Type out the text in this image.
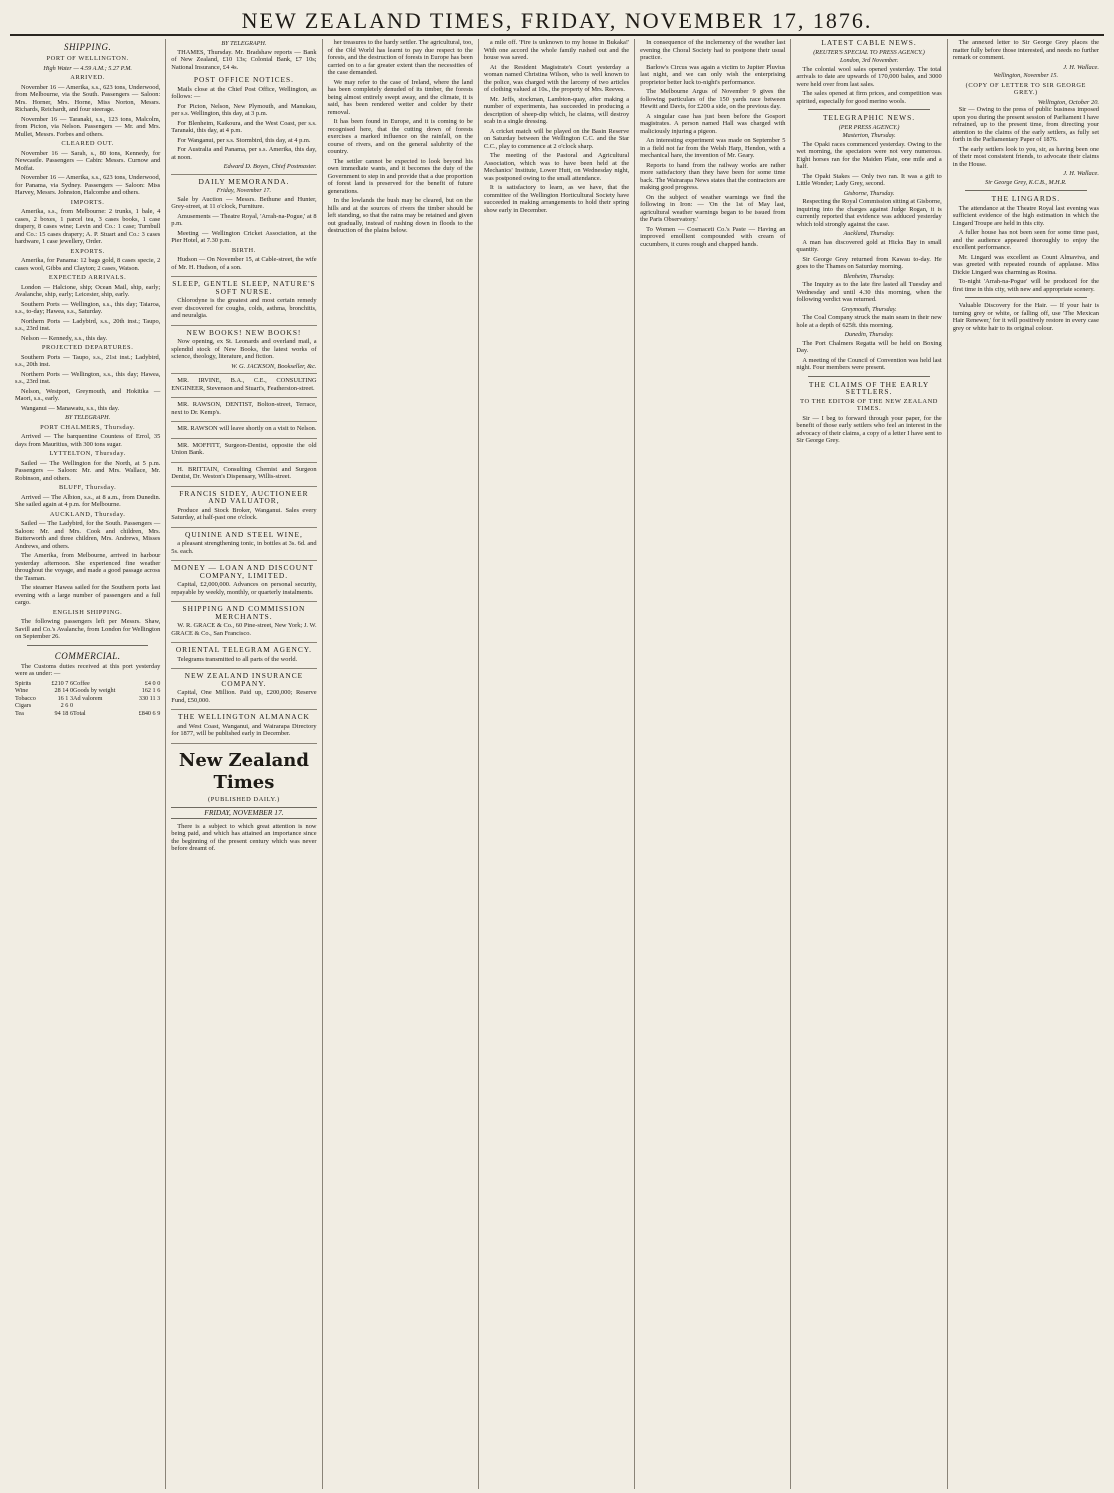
NEW ZEALAND TIMES, FRIDAY, NOVEMBER 17, 1876.
SHIPPING.
PORT OF WELLINGTON.
High Water — 4.59 A.M.; 5.27 P.M.
ARRIVED.

November 16 — Amerika, s.s., 623 tons, Underwood, from Melbourne, via the South. Passengers — Saloon: Mrs. Horner, Mrs. Horne, Miss Norton, Messrs. Richards, Reichardt, and four steerage.

November 16 — Taranaki, s.s., 123 tons, Malcolm, from Picton, via Nelson. Passengers — Mr. and Mrs. Mullet, Messrs. Forbes and others.

CLEARED OUT.

November 16 — Sarah, s., 80 tons, Kennedy, for Newcastle. Passengers — Cabin: Messrs. Curnow and Moffat.

November 16 — Amerika, s.s., 623 tons, Underwood, for Panama, via Sydney. Passengers — Saloon: Miss Harvey, Messrs. Johnston, Halcombe and others.

IMPORTS.

Amerika, s.s., from Melbourne: 2 trunks, 1 bale, 4 cases, 2 boxes, 1 parcel tea, 3 cases books, 1 case drapery, 8 cases wine; Levin and Co.: 1 case; Turnbull and Co.: 15 cases drapery; A. P. Stuart and Co.: 3 cases hardware, 1 case jewellery, Order.

EXPORTS.

Amerika, for Panama: 12 bags gold, 8 cases specie, 2 cases wool, Gibbs and Clayton; 2 cases, Watson.

EXPECTED ARRIVALS.

London — Halcione, ship; Ocean Mail, ship, early; Avalanche, ship, early; Leicester, ship, early.

Southern Ports — Wellington, s.s., this day; Taiaroa, s.s., to-day; Hawea, s.s., Saturday.

Northern Ports — Ladybird, s.s., 20th inst.; Taupo, s.s., 23rd inst.

Nelson — Kennedy, s.s., this day.

PROJECTED DEPARTURES.

Southern Ports — Taupo, s.s., 21st inst.; Ladybird, s.s., 20th inst.

Northern Ports — Wellington, s.s., this day; Hawea, s.s., 23rd inst.

Nelson, Westport, Greymouth, and Hokitika — Maori, s.s., early.

Wanganui — Manawatu, s.s., this day.

BY TELEGRAPH.
PORT CHALMERS, Thursday.

Arrived — The barquentine Countess of Errol, 35 days from Mauritius, with 300 tons sugar.

LYTTELTON, Thursday.

Sailed — The Wellington for the North, at 5 p.m. Passengers — Saloon: Mr. and Mrs. Wallace, Mr. Robinson, and others.

BLUFF, Thursday.

Arrived — The Albion, s.s., at 8 a.m., from Dunedin. She sailed again at 4 p.m. for Melbourne.

AUCKLAND, Thursday.

Sailed — The Ladybird, for the South. Passengers — Saloon: Mr. and Mrs. Cook and children, Mrs. Butterworth and three children, Mrs. Andrews, Misses Andrews, and others.

The Amerika, from Melbourne, arrived in harbour yesterday afternoon. She experienced fine weather throughout the voyage, and made a good passage across the Tasman.

The steamer Hawea sailed for the Southern ports last evening with a large number of passengers and a full cargo.

ENGLISH SHIPPING.

The following passengers left per Messrs. Shaw, Savill and Co.'s Avalanche, from London for Wellington on September 26.

COMMERCIAL.

The Customs duties received at this port yesterday were as under: —

Spirits	£210 7 6	Coffee	£4 0 0
Wine	28 14 0	Goods by weight	162 1 6
Tobacco	16 1 3	Ad valorem	330 11 3
Cigars	2 6 0		
Tea	94 18 6	Total	£840 6 9
BY TELEGRAPH.

THAMES, Thursday. Mr. Bradshaw reports — Bank of New Zealand, £10 13s; Colonial Bank, £7 10s; National Insurance, £4 4s.

POST OFFICE NOTICES.

Mails close at the Chief Post Office, Wellington, as follows: —

For Picton, Nelson, New Plymouth, and Manukau, per s.s. Wellington, this day, at 3 p.m.

For Blenheim, Kaikoura, and the West Coast, per s.s. Taranaki, this day, at 4 p.m.

For Wanganui, per s.s. Stormbird, this day, at 4 p.m.

For Australia and Panama, per s.s. Amerika, this day, at noon.

Edward D. Boyes, Chief Postmaster.
DAILY MEMORANDA.
Friday, November 17.

Sale by Auction — Messrs. Bethune and Hunter, Grey-street, at 11 o'clock, Furniture.

Amusements — Theatre Royal, 'Arrah-na-Pogue,' at 8 p.m.

Meeting — Wellington Cricket Association, at the Pier Hotel, at 7.30 p.m.

BIRTH.

Hudson — On November 15, at Cable-street, the wife of Mr. H. Hudson, of a son.

SLEEP, GENTLE SLEEP, NATURE'S SOFT NURSE.

Chlorodyne is the greatest and most certain remedy ever discovered for coughs, colds, asthma, bronchitis, and neuralgia.

NEW BOOKS! NEW BOOKS!

Now opening, ex St. Leonards and overland mail, a splendid stock of New Books, the latest works of science, theology, literature, and fiction.

W. G. JACKSON, Bookseller, &c.

MR. IRVINE, B.A., C.E., CONSULTING ENGINEER, Stevenson and Stuart's, Featherston-street.

MR. RAWSON, DENTIST, Bolton-street, Terrace, next to Dr. Kemp's.

MR. RAWSON will leave shortly on a visit to Nelson.

MR. MOFFITT, Surgeon-Dentist, opposite the old Union Bank.

H. BRITTAIN, Consulting Chemist and Surgeon Dentist, Dr. Weston's Dispensary, Willis-street.

FRANCIS SIDEY, AUCTIONEER AND VALUATOR,

Produce and Stock Broker, Wanganui. Sales every Saturday, at half-past one o'clock.

QUININE AND STEEL WINE,

a pleasant strengthening tonic, in bottles at 3s. 6d. and 5s. each.

MONEY — LOAN AND DISCOUNT COMPANY, LIMITED.

Capital, £2,000,000. Advances on personal security, repayable by weekly, monthly, or quarterly instalments.

SHIPPING AND COMMISSION MERCHANTS.

W. R. GRACE & Co., 60 Pine-street, New York; J. W. GRACE & Co., San Francisco.

ORIENTAL TELEGRAM AGENCY.

Telegrams transmitted to all parts of the world.

NEW ZEALAND INSURANCE COMPANY.

Capital, One Million. Paid up, £200,000; Reserve Fund, £50,000.

THE WELLINGTON ALMANACK

and West Coast, Wanganui, and Wairarapa Directory for 1877, will be published early in December.

New Zealand Times
(PUBLISHED DAILY.)
FRIDAY, NOVEMBER 17.

There is a subject to which great attention is now being paid, and which has attained an importance since the beginning of the present century which was never before dreamt of.

her treasures to the hardy settler. The agricultural, too, of the Old World has learnt to pay due respect to the forests, and the destruction of forests in Europe has been carried on to a far greater extent than the necessities of the case demanded.

We may refer to the case of Ireland, where the land has been completely denuded of its timber, the forests being almost entirely swept away, and the climate, it is said, has been rendered wetter and colder by their removal.

It has been found in Europe, and it is coming to be recognised here, that the cutting down of forests exercises a marked influence on the rainfall, on the course of rivers, and on the general salubrity of the country.

The settler cannot be expected to look beyond his own immediate wants, and it becomes the duty of the Government to step in and provide that a due proportion of forest land is preserved for the benefit of future generations.

In the lowlands the bush may be cleared, but on the hills and at the sources of rivers the timber should be left standing, so that the rains may be retained and given out gradually, instead of rushing down in floods to the destruction of the plains below.

a mile off. 'Fire is unknown to my house in Bukaka!' With one accord the whole family rushed out and the house was saved.

At the Resident Magistrate's Court yesterday a woman named Christina Wilson, who is well known to the police, was charged with the larceny of two articles of clothing valued at 10s., the property of Mrs. Reeves.

Mr. Jeffs, stockman, Lambton-quay, after making a number of experiments, has succeeded in producing a description of sheep-dip which, he claims, will destroy scab in a single dressing.

A cricket match will be played on the Basin Reserve on Saturday between the Wellington C.C. and the Star C.C., play to commence at 2 o'clock sharp.

The meeting of the Pastoral and Agricultural Association, which was to have been held at the Mechanics' Institute, Lower Hutt, on Wednesday night, was postponed owing to the small attendance.

It is satisfactory to learn, as we have, that the committee of the Wellington Horticultural Society have succeeded in making arrangements to hold their spring show early in December.

In consequence of the inclemency of the weather last evening the Choral Society had to postpone their usual practice.

Barlow's Circus was again a victim to Jupiter Pluvius last night, and we can only wish the enterprising proprietor better luck to-night's performance.

The Melbourne Argus of November 9 gives the following particulars of the 150 yards race between Hewitt and Davis, for £200 a side, on the previous day.

A singular case has just been before the Gosport magistrates. A person named Hall was charged with maliciously injuring a pigeon.

An interesting experiment was made on September 5 in a field not far from the Welsh Harp, Hendon, with a mechanical hare, the invention of Mr. Geary.

Reports to hand from the railway works are rather more satisfactory than they have been for some time back. The Wairarapa News states that the contractors are making good progress.

On the subject of weather warnings we find the following in Iron: — 'On the 1st of May last, agricultural weather warnings began to be issued from the Paris Observatory.'

To Women — Cosmaceti Co.'s Paste — Having an improved emollient compounded with cream of cucumbers, it cures rough and chapped hands.

LATEST CABLE NEWS.
(REUTER'S SPECIAL TO PRESS AGENCY.)
London, 3rd November.

The colonial wool sales opened yesterday. The total arrivals to date are upwards of 170,000 bales, and 3000 were held over from last sales.

The sales opened at firm prices, and competition was spirited, especially for good merino wools.

TELEGRAPHIC NEWS.
(PER PRESS AGENCY.)
Masterton, Thursday.

The Opaki races commenced yesterday. Owing to the wet morning, the spectators were not very numerous. Eight horses ran for the Maiden Plate, one mile and a half.

The Opaki Stakes — Only two ran. It was a gift to Little Wonder; Lady Grey, second.

Gisborne, Thursday.

Respecting the Royal Commission sitting at Gisborne, inquiring into the charges against Judge Rogan, it is currently reported that evidence was adduced yesterday which told strongly against the case.

Auckland, Thursday.

A man has discovered gold at Hicks Bay in small quantity.

Sir George Grey returned from Kawau to-day. He goes to the Thames on Saturday morning.

Blenheim, Thursday.

The Inquiry as to the late fire lasted all Tuesday and Wednesday and until 4.30 this morning, when the following verdict was returned.

Greymouth, Thursday.

The Coal Company struck the main seam in their new hole at a depth of 625ft. this morning.

Dunedin, Thursday.

The Port Chalmers Regatta will be held on Boxing Day.

A meeting of the Council of Convention was held last night. Four members were present.

THE CLAIMS OF THE EARLY SETTLERS.
TO THE EDITOR OF THE NEW ZEALAND TIMES.

Sir — I beg to forward through your paper, for the benefit of those early settlers who feel an interest in the advocacy of their claims, a copy of a letter I have sent to Sir George Grey.

The annexed letter to Sir George Grey places the matter fully before those interested, and needs no further remark or comment.

J. H. Wallace.
Wellington, November 15.
(COPY OF LETTER TO SIR GEORGE GREY.)
Wellington, October 20.

Sir — Owing to the press of public business imposed upon you during the present session of Parliament I have refrained, up to the present time, from directing your attention to the claims of the early settlers, as fully set forth in the Parliamentary Paper of 1876.

The early settlers look to you, sir, as having been one of their most consistent friends, to advocate their claims in the House.

J. H. Wallace.
Sir George Grey, K.C.B., M.H.R.
THE LINGARDS.

The attendance at the Theatre Royal last evening was sufficient evidence of the high estimation in which the Lingard Troupe are held in this city.

A fuller house has not been seen for some time past, and the audience appeared thoroughly to enjoy the excellent performance.

Mr. Lingard was excellent as Count Almaviva, and was greeted with repeated rounds of applause. Miss Dickie Lingard was charming as Rosina.

To-night 'Arrah-na-Pogue' will be produced for the first time in this city, with new and appropriate scenery.

Valuable Discovery for the Hair. — If your hair is turning grey or white, or falling off, use 'The Mexican Hair Renewer,' for it will positively restore in every case grey or white hair to its original colour.
